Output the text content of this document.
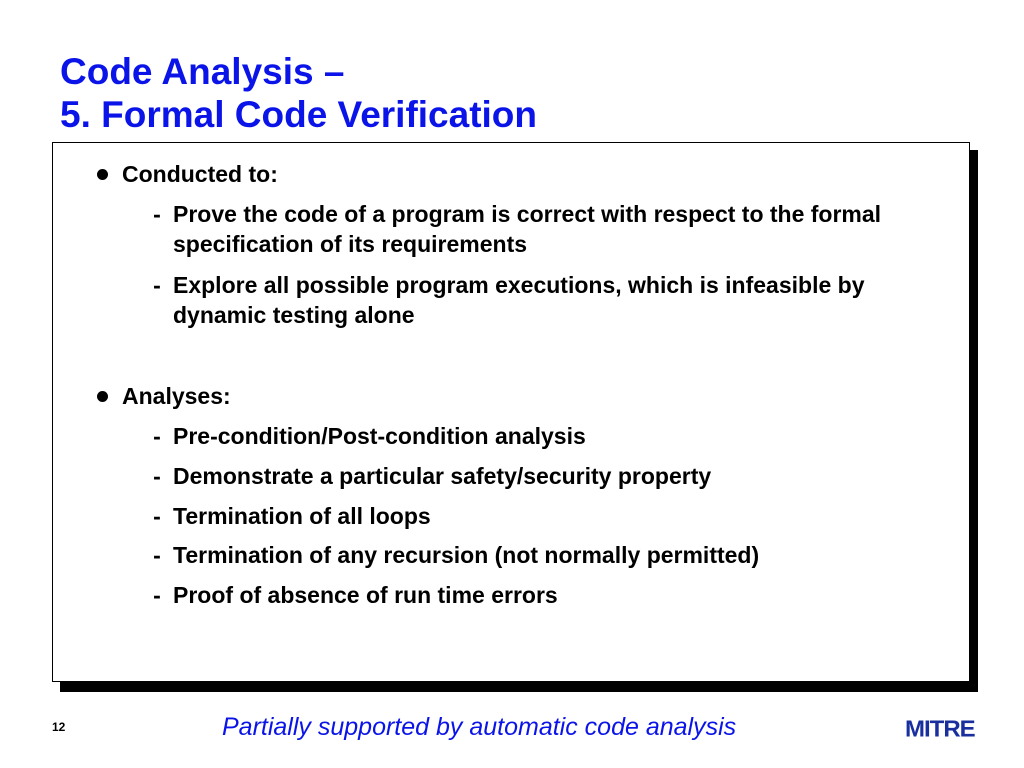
Code Analysis –
5. Formal Code Verification
Conducted to:
- Prove the code of a program is correct with respect to the formal specification of its requirements
- Explore all possible program executions, which is infeasible by dynamic testing alone
Analyses:
- Pre-condition/Post-condition analysis
- Demonstrate a particular safety/security property
- Termination of all loops
- Termination of any recursion (not normally permitted)
- Proof of absence of run time errors
12	Partially supported by automatic code analysis	MITRE
